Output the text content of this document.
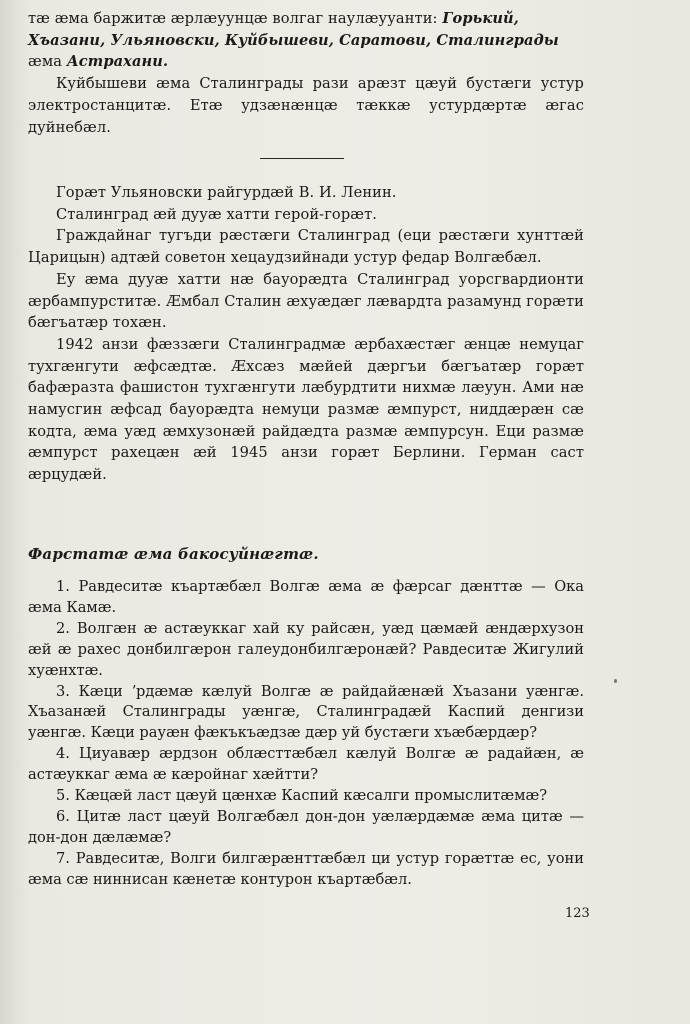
тæ æма баржитæ æрлæуунцæ волгаг наулæууанти: Горький,
Хъазани, Ульяновски, Куйбышеви, Саратови, Сталинграды
æма Астрахани.

Куйбышеви æма Сталинграды рази арæзт цæуй бустæги устур электростанцитæ. Етæ удзæнæнцæ тæккæ устурдæртæ æгас дуйнебæл.

Горæт Ульяновски райгурдæй В. И. Ленин.

Сталинград æй дууæ хатти герой-горæт.

Граждайнаг тугъди рæстæги Сталинград (еци рæстæги хунттæй Царицын) адтæй советон хецаудзийнади устур федар Волгæбæл.

Еу æма дууæ хатти нæ бауорæдта Сталинград уорсгвардионти æрбампурститæ. Æмбал Сталин æхуæдæг лæвардта разамунд горæти бæгъатæр тохæн.

1942 анзи фæззæги Сталинградмæ æрбахæстæг æнцæ немуцаг тухгæнгути æфсæдтæ. Æхсæз мæйей дæргъи бæгъатæр горæт бафæразта фашистон тухгæнгути лæбурдтити нихмæ лæуун. Ами нæ намусгин æфсад бауорæдта немуци размæ æмпурст, ниддæрæн сæ кодта, æма уæд æмхузонæй райдæдта размæ æмпурсун. Еци размæ æмпурст рахецæн æй 1945 анзи горæт Берлини. Герман саст æрцудæй.

Фарстатæ æма бакосуйнæгтæ.

1. Равдеситæ къартæбæл Волгæ æма æ фæрсаг дæнттæ — Ока æма Камæ.

2. Волгæн æ астæуккаг хай ку райсæн, уæд цæмæй æндæрхузон æй æ рахес донбилгæрон галеудонбилгæронæй? Равдеситæ Жигулий хуæнхтæ.

3. Кæци ʼрдæмæ кæлуй Волгæ æ райдайæнæй Хъазани уæнгæ. Хъазанæй Сталинграды уæнгæ, Сталинградæй Каспий денгизи уæнгæ. Кæци рауæн фæкъкъæдзæ дæр уй бустæги хъæбæрдæр?

4. Циуавæр æрдзон облæсттæбæл кæлуй Волгæ æ радайæн, æ астæуккаг æма æ кæройнаг хæйтти?

5. Кæцæй ласт цæуй цæнхæ Каспий кæсалги промыслитæмæ?

6. Цитæ ласт цæуй Волгæбæл дон-дон уæлæрдæмæ æма цитæ — дон-дон дæлæмæ?

7. Равдеситæ, Волги билгæрæнттæбæл ци устур горæттæ ес, уони æма сæ ниннисан кæнетæ контурон къартæбæл.

123
